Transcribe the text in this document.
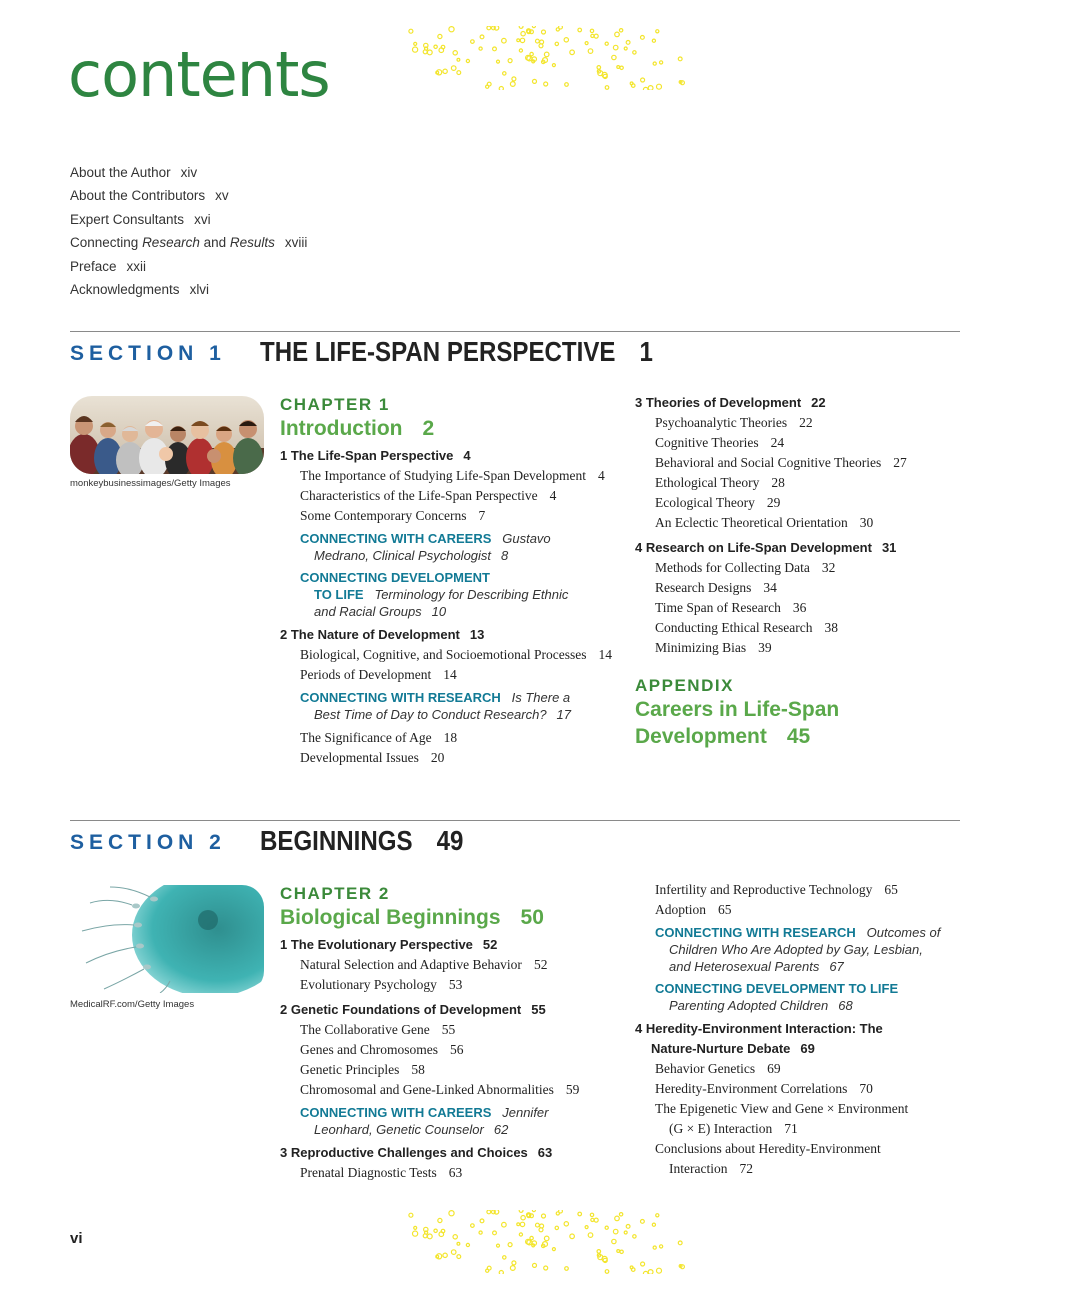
contents
About the Author xiv
About the Contributors xv
Expert Consultants xvi
Connecting Research and Results xviii
Preface xxii
Acknowledgments xlvi
SECTION 1 THE LIFE-SPAN PERSPECTIVE 1
monkeybusinessimages/Getty Images
CHAPTER 1
Introduction 2
1 The Life-Span Perspective 4
The Importance of Studying Life-Span Development 4
Characteristics of the Life-Span Perspective 4
Some Contemporary Concerns 7
CONNECTING WITH CAREERS Gustavo
Medrano, Clinical Psychologist 8
CONNECTING DEVELOPMENT
TO LIFE Terminology for Describing Ethnic
and Racial Groups 10
2 The Nature of Development 13
Biological, Cognitive, and Socioemotional Processes 14
Periods of Development 14
CONNECTING WITH RESEARCH Is There a
Best Time of Day to Conduct Research? 17
The Significance of Age 18
Developmental Issues 20
3 Theories of Development 22
Psychoanalytic Theories 22
Cognitive Theories 24
Behavioral and Social Cognitive Theories 27
Ethological Theory 28
Ecological Theory 29
An Eclectic Theoretical Orientation 30
4 Research on Life-Span Development 31
Methods for Collecting Data 32
Research Designs 34
Time Span of Research 36
Conducting Ethical Research 38
Minimizing Bias 39
APPENDIX
Careers in Life-Span
Development 45
SECTION 2 BEGINNINGS 49
MedicalRF.com/Getty Images
CHAPTER 2
Biological Beginnings 50
1 The Evolutionary Perspective 52
Natural Selection and Adaptive Behavior 52
Evolutionary Psychology 53
2 Genetic Foundations of Development 55
The Collaborative Gene 55
Genes and Chromosomes 56
Genetic Principles 58
Chromosomal and Gene-Linked Abnormalities 59
CONNECTING WITH CAREERS Jennifer
Leonhard, Genetic Counselor 62
3 Reproductive Challenges and Choices 63
Prenatal Diagnostic Tests 63
Infertility and Reproductive Technology 65
Adoption 65
CONNECTING WITH RESEARCH Outcomes of
Children Who Are Adopted by Gay, Lesbian,
and Heterosexual Parents 67
CONNECTING DEVELOPMENT TO LIFE
Parenting Adopted Children 68
4 Heredity-Environment Interaction: The
Nature-Nurture Debate 69
Behavior Genetics 69
Heredity-Environment Correlations 70
The Epigenetic View and Gene × Environment
(G × E) Interaction 71
Conclusions about Heredity-Environment
Interaction 72
vi
